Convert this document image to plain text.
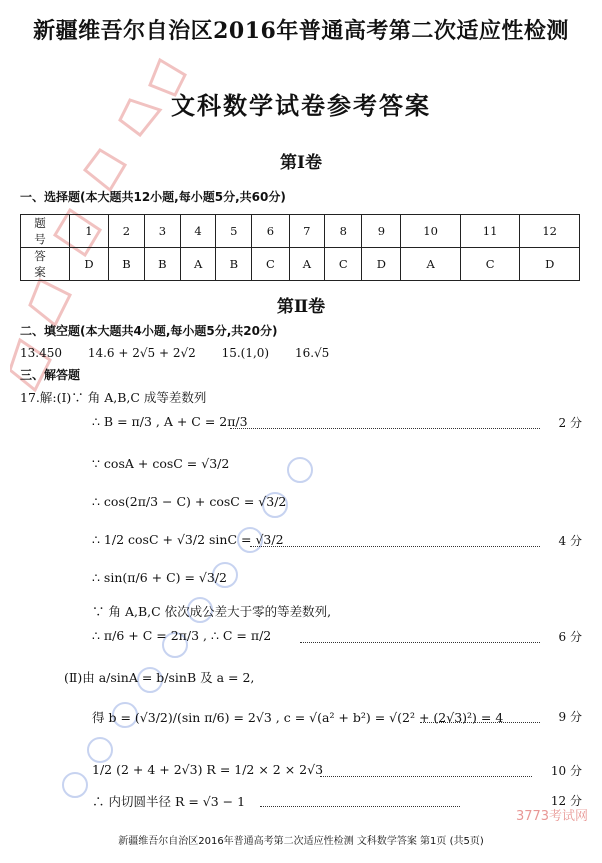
新疆维吾尔自治区2016年普通高考第二次适应性检测
文科数学试卷参考答案
第Ⅰ卷
一、选择题(本大题共12小题,每小题5分,共60分)
题 号	1	2	3	4	5	6	7	8	9	10	11	12
答 案	D	B	B	A	B	C	A	C	D	A	C	D
第Ⅱ卷
二、填空题(本大题共4小题,每小题5分,共20分)
13.450 14.6 + 2√5 + 2√2 15.(1,0) 16.√5
三、解答题
17.解:(Ⅰ)∵ 角 A,B,C 成等差数列
∴ B = π/3 , A + C = 2π/3	2 分
∵ cosA + cosC = √3/2
∴ cos(2π/3 − C) + cosC = √3/2
∴ 1/2 cosC + √3/2 sinC = √3/2	4 分
∴ sin(π/6 + C) = √3/2
∵ 角 A,B,C 依次成公差大于零的等差数列,
∴ π/6 + C = 2π/3 , ∴ C = π/2	6 分
(Ⅱ)由 a/sinA = b/sinB 及 a = 2,
得 b = (√3/2)/(sin π/6) = 2√3 , c = √(a² + b²) = √(2² + (2√3)²) = 4	9 分
1/2 (2 + 4 + 2√3) R = 1/2 × 2 × 2√3	10 分
∴ 内切圆半径 R = √3 − 1	12 分
3773考试网
新疆维吾尔自治区2016年普通高考第二次适应性检测 文科数学答案 第1页 (共5页)
